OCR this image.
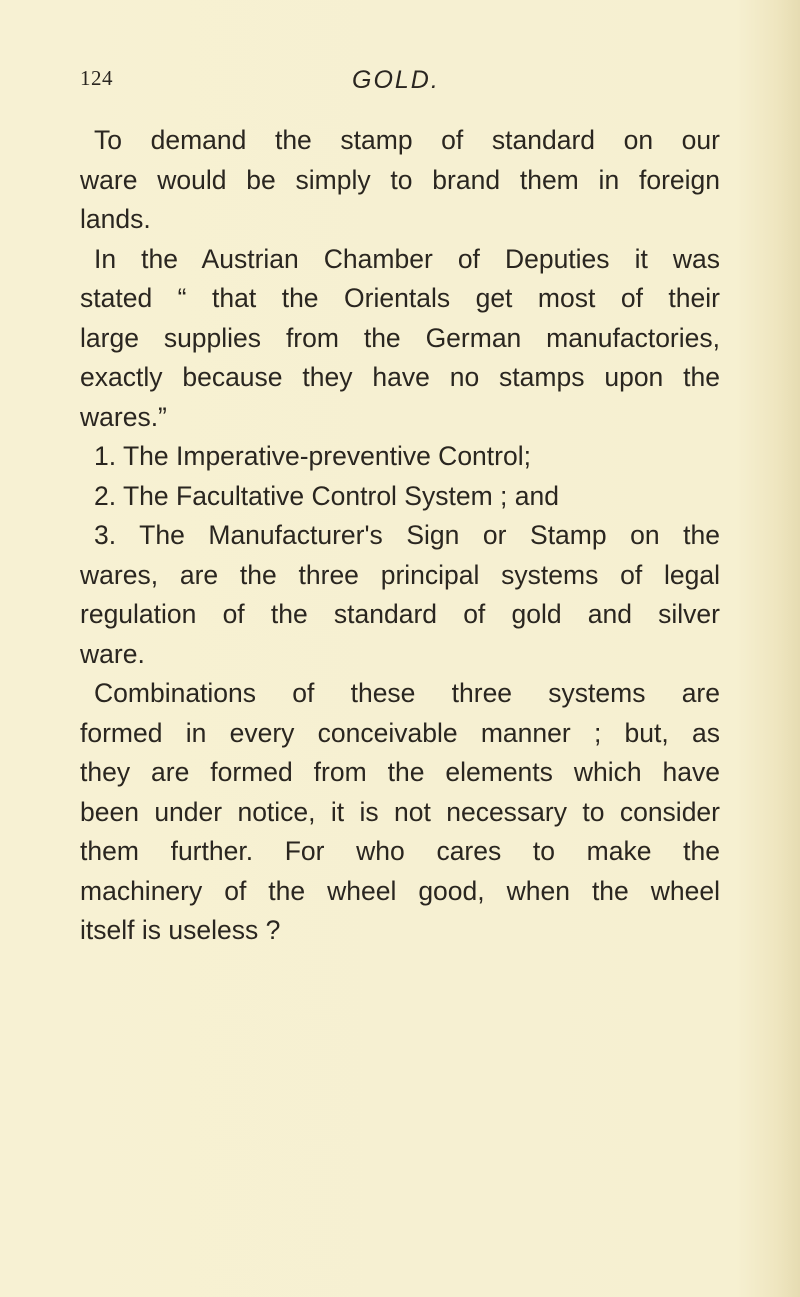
124	GOLD.
To demand the stamp of standard on our
ware would be simply to brand them in foreign
lands.
In the Austrian Chamber of Deputies it was
stated “ that the Orientals get most of their
large supplies from the German manufactories,
exactly because they have no stamps upon the
wares.”
1. The Imperative-preventive Control;
2. The Facultative Control System ; and
3. The Manufacturer's Sign or Stamp on the
wares, are the three principal systems of legal
regulation of the standard of gold and silver
ware.
Combinations of these three systems are
formed in every conceivable manner ; but, as
they are formed from the elements which have
been under notice, it is not necessary to consider
them further. For who cares to make the
machinery of the wheel good, when the wheel
itself is useless ?
